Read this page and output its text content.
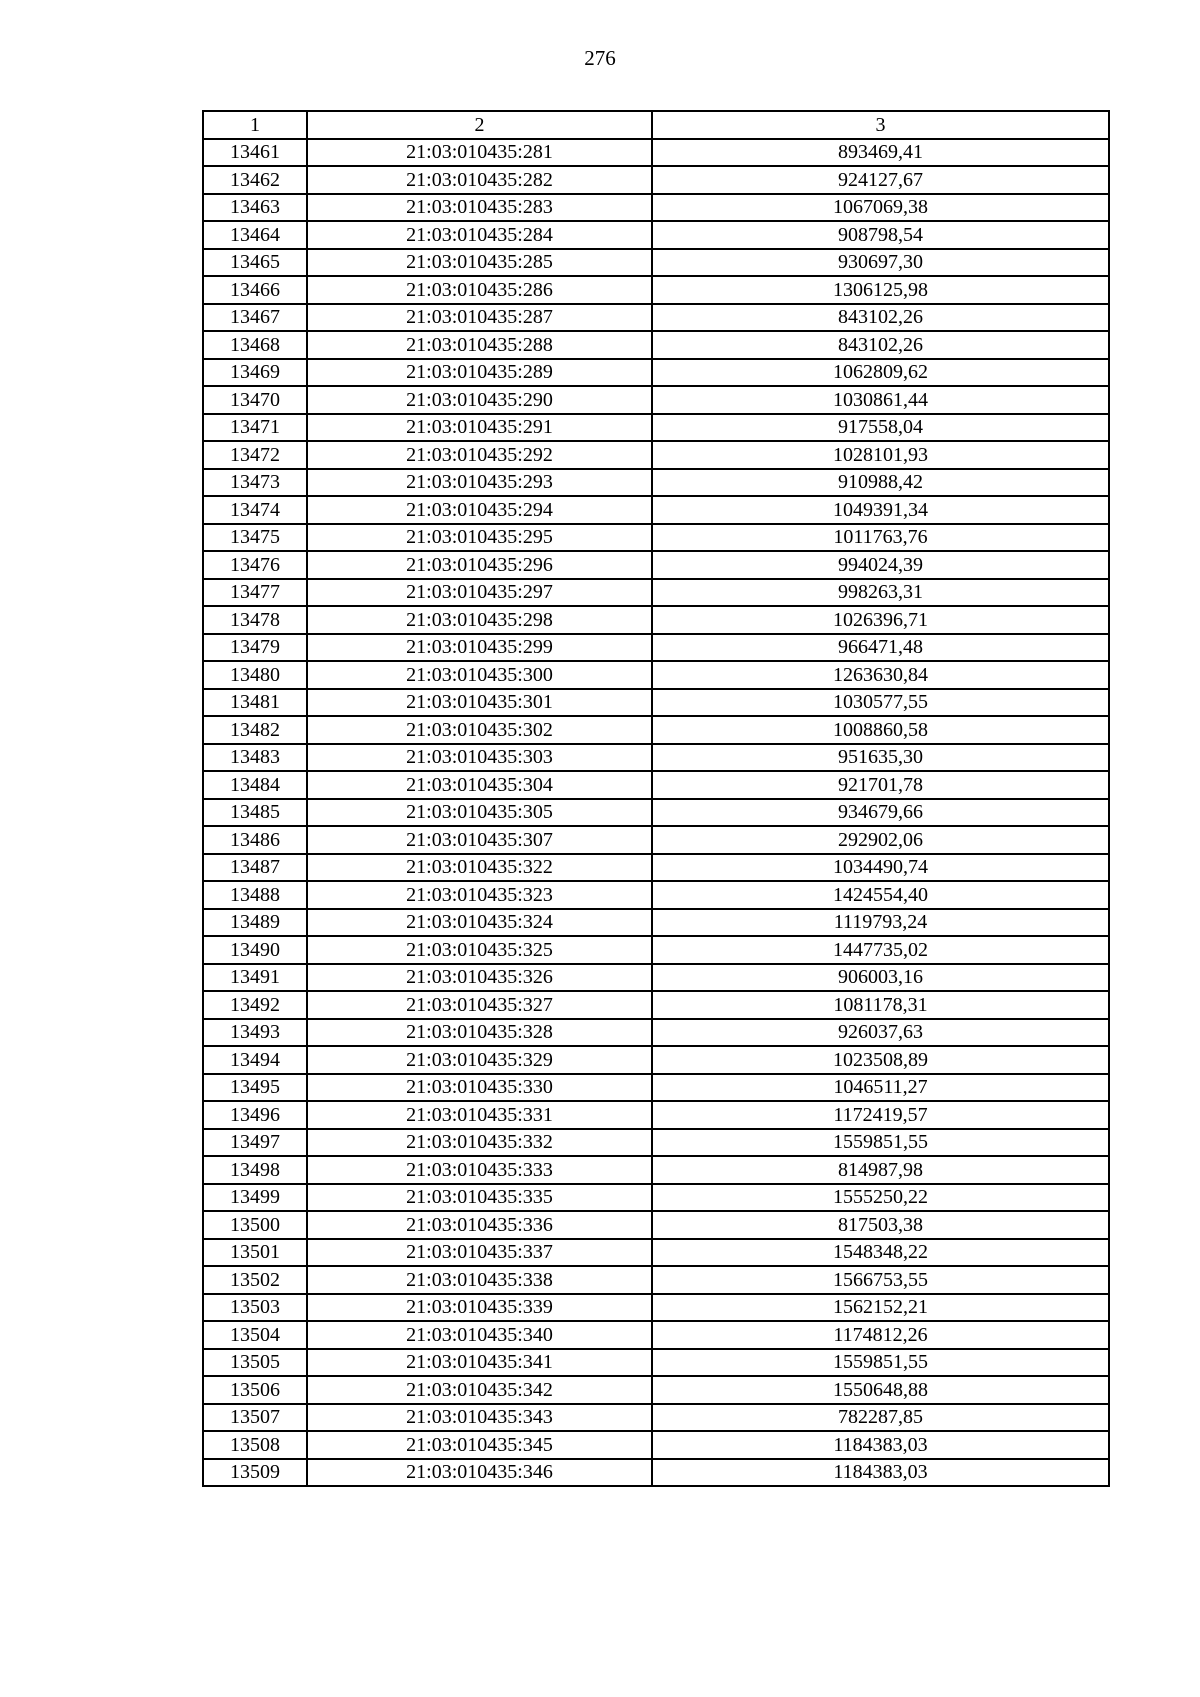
276
1	2	3
13461	21:03:010435:281	893469,41
13462	21:03:010435:282	924127,67
13463	21:03:010435:283	1067069,38
13464	21:03:010435:284	908798,54
13465	21:03:010435:285	930697,30
13466	21:03:010435:286	1306125,98
13467	21:03:010435:287	843102,26
13468	21:03:010435:288	843102,26
13469	21:03:010435:289	1062809,62
13470	21:03:010435:290	1030861,44
13471	21:03:010435:291	917558,04
13472	21:03:010435:292	1028101,93
13473	21:03:010435:293	910988,42
13474	21:03:010435:294	1049391,34
13475	21:03:010435:295	1011763,76
13476	21:03:010435:296	994024,39
13477	21:03:010435:297	998263,31
13478	21:03:010435:298	1026396,71
13479	21:03:010435:299	966471,48
13480	21:03:010435:300	1263630,84
13481	21:03:010435:301	1030577,55
13482	21:03:010435:302	1008860,58
13483	21:03:010435:303	951635,30
13484	21:03:010435:304	921701,78
13485	21:03:010435:305	934679,66
13486	21:03:010435:307	292902,06
13487	21:03:010435:322	1034490,74
13488	21:03:010435:323	1424554,40
13489	21:03:010435:324	1119793,24
13490	21:03:010435:325	1447735,02
13491	21:03:010435:326	906003,16
13492	21:03:010435:327	1081178,31
13493	21:03:010435:328	926037,63
13494	21:03:010435:329	1023508,89
13495	21:03:010435:330	1046511,27
13496	21:03:010435:331	1172419,57
13497	21:03:010435:332	1559851,55
13498	21:03:010435:333	814987,98
13499	21:03:010435:335	1555250,22
13500	21:03:010435:336	817503,38
13501	21:03:010435:337	1548348,22
13502	21:03:010435:338	1566753,55
13503	21:03:010435:339	1562152,21
13504	21:03:010435:340	1174812,26
13505	21:03:010435:341	1559851,55
13506	21:03:010435:342	1550648,88
13507	21:03:010435:343	782287,85
13508	21:03:010435:345	1184383,03
13509	21:03:010435:346	1184383,03
